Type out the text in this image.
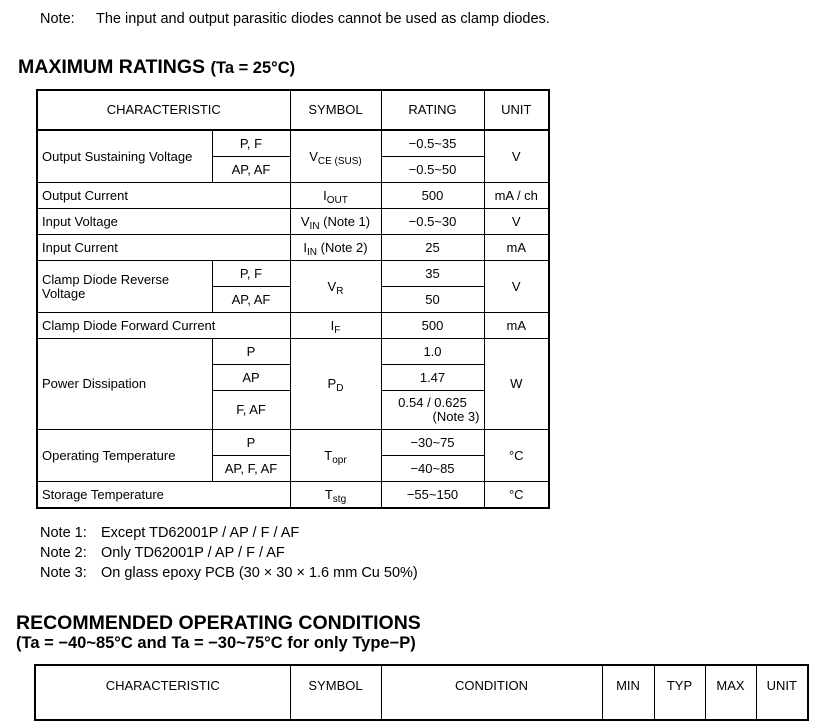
Note: The input and output parasitic diodes cannot be used as clamp diodes.
MAXIMUM RATINGS (Ta = 25°C)
CHARACTERISTIC		SYMBOL	RATING	UNIT
Output Sustaining Voltage	P, F	$V_{CE (SUS)}$	−0.5~35	V
	AP, AF		−0.5~50	
Output Current		$I_{OUT}$	500	mA / ch
Input Voltage		$V_{IN}$ (Note 1)	−0.5~30	V
Input Current		$I_{IN}$ (Note 2)	25	mA
Clamp Diode Reverse Voltage	P, F	$V_R$	35	V
	AP, AF		50	
Clamp Diode Forward Current		$I_F$	500	mA
Power Dissipation	P	$P_D$	1.0	W
	AP		1.47	
	F, AF		0.54 / 0.625
(Note 3)	

Operating Temperature	P	$T_{opr}$	−30~75	°C
	AP, F, AF		−40~85	
Storage Temperature		$T_{stg}$	−55~150	°C
Note 1: Except TD62001P / AP / F / AF
Note 2: Only TD62001P / AP / F / AF
Note 3: On glass epoxy PCB (30 × 30 × 1.6 mm Cu 50%)
RECOMMENDED OPERATING CONDITIONS
(Ta = −40~85°C and Ta = −30~75°C for only Type−P)
CHARACTERISTIC	SYMBOL	CONDITION	MIN	TYP	MAX	UNIT
